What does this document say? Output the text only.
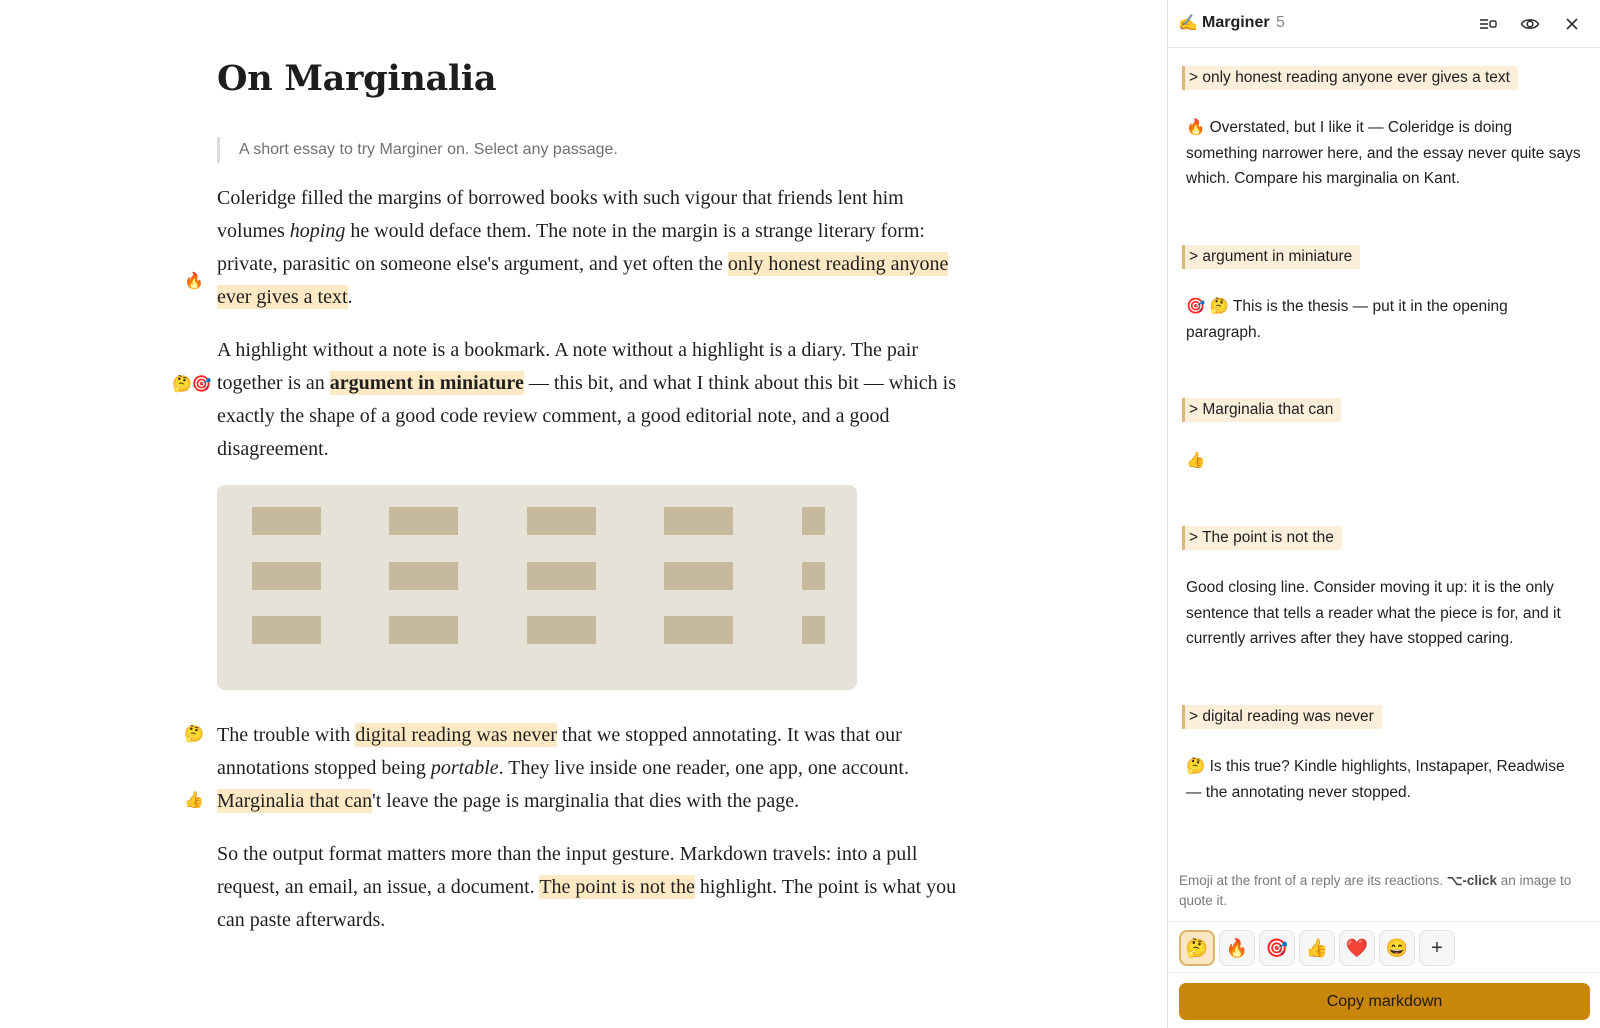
On Marginalia
A short essay to try Marginer on. Select any passage.
🔥

Coleridge filled the margins of borrowed books with such vigour that friends lent him volumes hoping he would deface them. The note in the margin is a strange literary form: private, parasitic on someone else's argument, and yet often the only honest reading anyone ever gives a text.

🤔🎯

A highlight without a note is a bookmark. A note without a highlight is a diary. The pair together is an argument in miniature — this bit, and what I think about this bit — which is exactly the shape of a good code review comment, a good editorial note, and a good disagreement.

🤔
👍

The trouble with digital reading was never that we stopped annotating. It was that our annotations stopped being portable. They live inside one reader, one app, one account. Marginalia that can't leave the page is marginalia that dies with the page.

So the output format matters more than the input gesture. Markdown travels: into a pull request, an email, an issue, a document. The point is not the highlight. The point is what you can paste afterwards.

✍️ Marginer 5
> only honest reading anyone ever gives a text
🔥 Overstated, but I like it — Coleridge is doing something narrower here, and the essay never quite says which. Compare his marginalia on Kant.
> argument in miniature
🎯 🤔 This is the thesis — put it in the opening paragraph.
> Marginalia that can
👍
> The point is not the
Good closing line. Consider moving it up: it is the only sentence that tells a reader what the piece is for, and it currently arrives after they have stopped caring.
> digital reading was never
🤔 Is this true? Kindle highlights, Instapaper, Readwise — the annotating never stopped.
Emoji at the front of a reply are its reactions. ⌥-click an image to quote it.
🤔 🔥 🎯 👍 ❤️ 😄	+
Copy markdown
